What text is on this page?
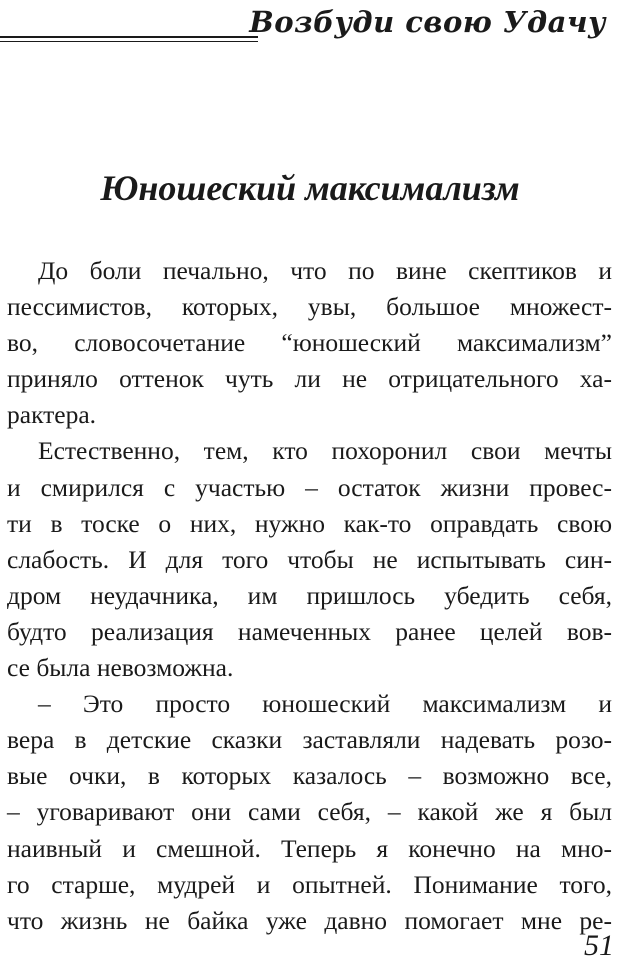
Возбуди свою Удачу
Юношеский максимализм
До боли печально, что по вине скептиков и
пессимистов, которых, увы, большое множест-
во, словосочетание “юношеский максимализм”
приняло оттенок чуть ли не отрицательного ха-
рактера.
Естественно, тем, кто похоронил свои мечты
и смирился с участью – остаток жизни провес-
ти в тоске о них, нужно как-то оправдать свою
слабость. И для того чтобы не испытывать син-
дром неудачника, им пришлось убедить себя,
будто реализация намеченных ранее целей вов-
се была невозможна.
– Это просто юношеский максимализм и
вера в детские сказки заставляли надевать розо-
вые очки, в которых казалось – возможно все,
– уговаривают они сами себя, – какой же я был
наивный и смешной. Теперь я конечно на мно-
го старше, мудрей и опытней. Понимание того,
что жизнь не байка уже давно помогает мне ре-
51
